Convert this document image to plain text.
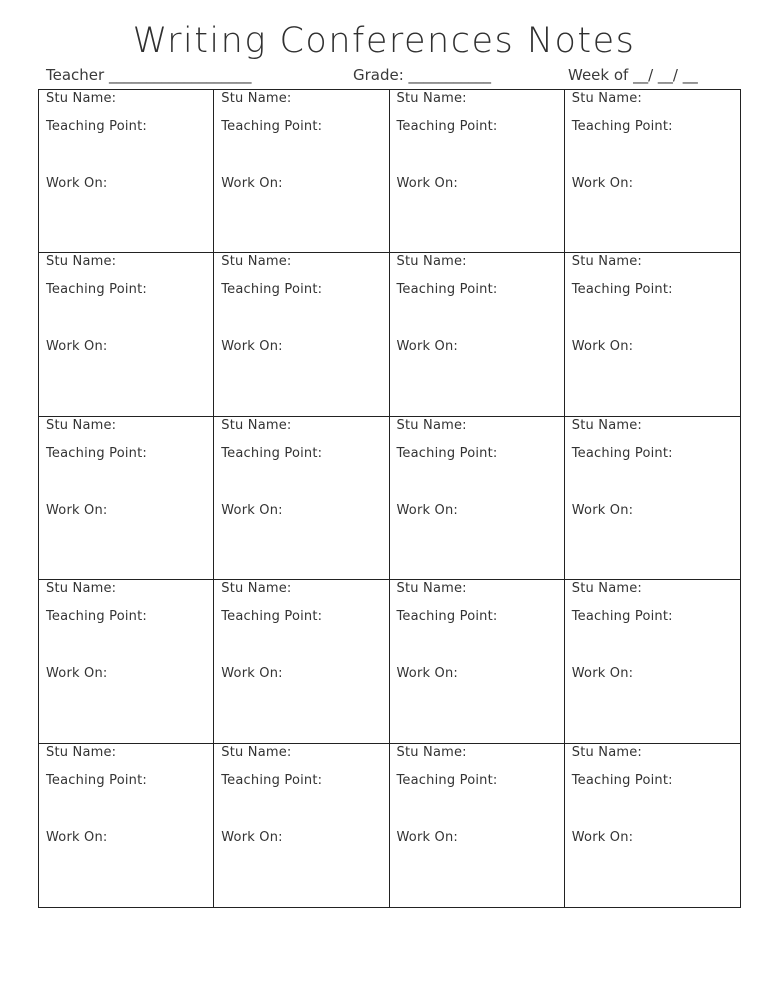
Writing Conferences Notes
Teacher ___________________	Grade: ___________	Week of __/ __/ __
Stu Name:
Teaching Point:
Work On:
Stu Name:
Teaching Point:
Work On:
Stu Name:
Teaching Point:
Work On:
Stu Name:
Teaching Point:
Work On:
Stu Name:
Teaching Point:
Work On:
Stu Name:
Teaching Point:
Work On:
Stu Name:
Teaching Point:
Work On:
Stu Name:
Teaching Point:
Work On:
Stu Name:
Teaching Point:
Work On:
Stu Name:
Teaching Point:
Work On:
Stu Name:
Teaching Point:
Work On:
Stu Name:
Teaching Point:
Work On:
Stu Name:
Teaching Point:
Work On:
Stu Name:
Teaching Point:
Work On:
Stu Name:
Teaching Point:
Work On:
Stu Name:
Teaching Point:
Work On:
Stu Name:
Teaching Point:
Work On:
Stu Name:
Teaching Point:
Work On:
Stu Name:
Teaching Point:
Work On:
Stu Name:
Teaching Point:
Work On:
